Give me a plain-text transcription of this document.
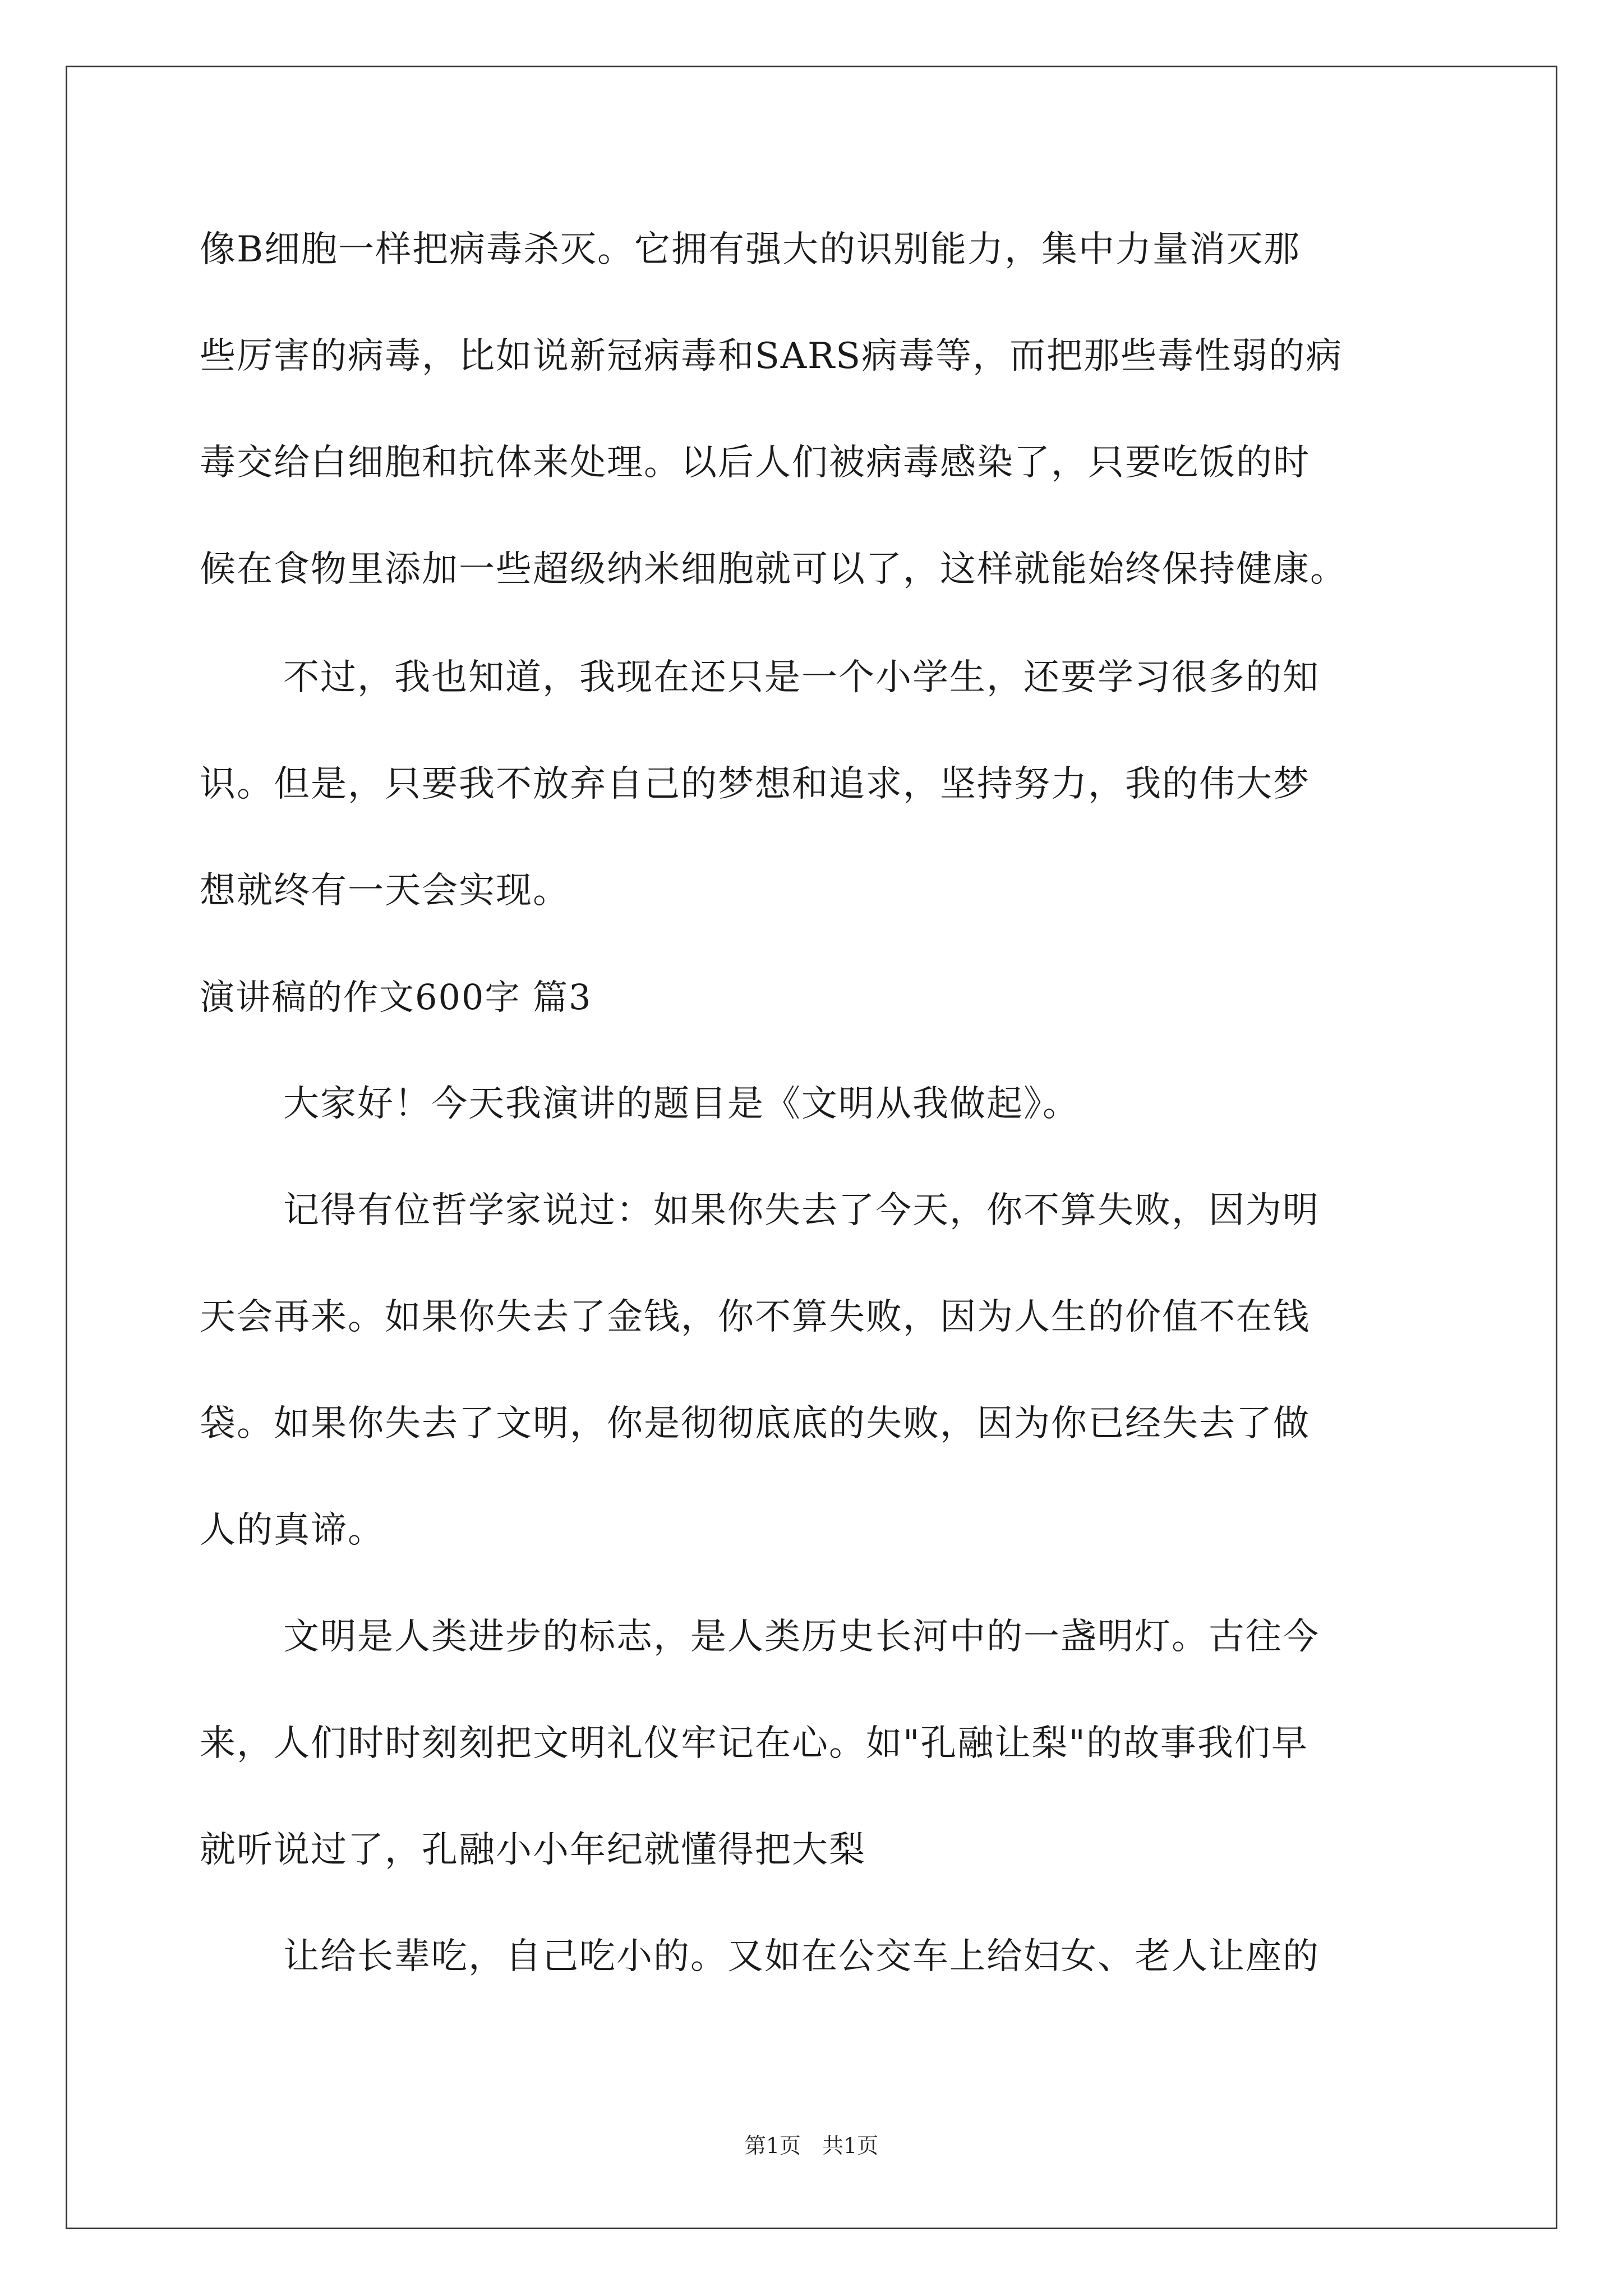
像B细胞一样把病毒杀灭。它拥有强大的识别能力，集中力量消灭那
些厉害的病毒，比如说新冠病毒和SARS病毒等，而把那些毒性弱的病
毒交给白细胞和抗体来处理。以后人们被病毒感染了，只要吃饭的时
候在食物里添加一些超级纳米细胞就可以了，这样就能始终保持健康。
不过，我也知道，我现在还只是一个小学生，还要学习很多的知
识。但是，只要我不放弃自己的梦想和追求，坚持努力，我的伟大梦
想就终有一天会实现。
演讲稿的作文600字 篇3
大家好！今天我演讲的题目是《文明从我做起》。
记得有位哲学家说过：如果你失去了今天，你不算失败，因为明
天会再来。如果你失去了金钱，你不算失败，因为人生的价值不在钱
袋。如果你失去了文明，你是彻彻底底的失败，因为你已经失去了做
人的真谛。
文明是人类进步的标志，是人类历史长河中的一盏明灯。古往今
来，人们时时刻刻把文明礼仪牢记在心。如"孔融让梨"的故事我们早
就听说过了，孔融小小年纪就懂得把大梨
让给长辈吃，自己吃小的。又如在公交车上给妇女、老人让座的
第1页　共1页
